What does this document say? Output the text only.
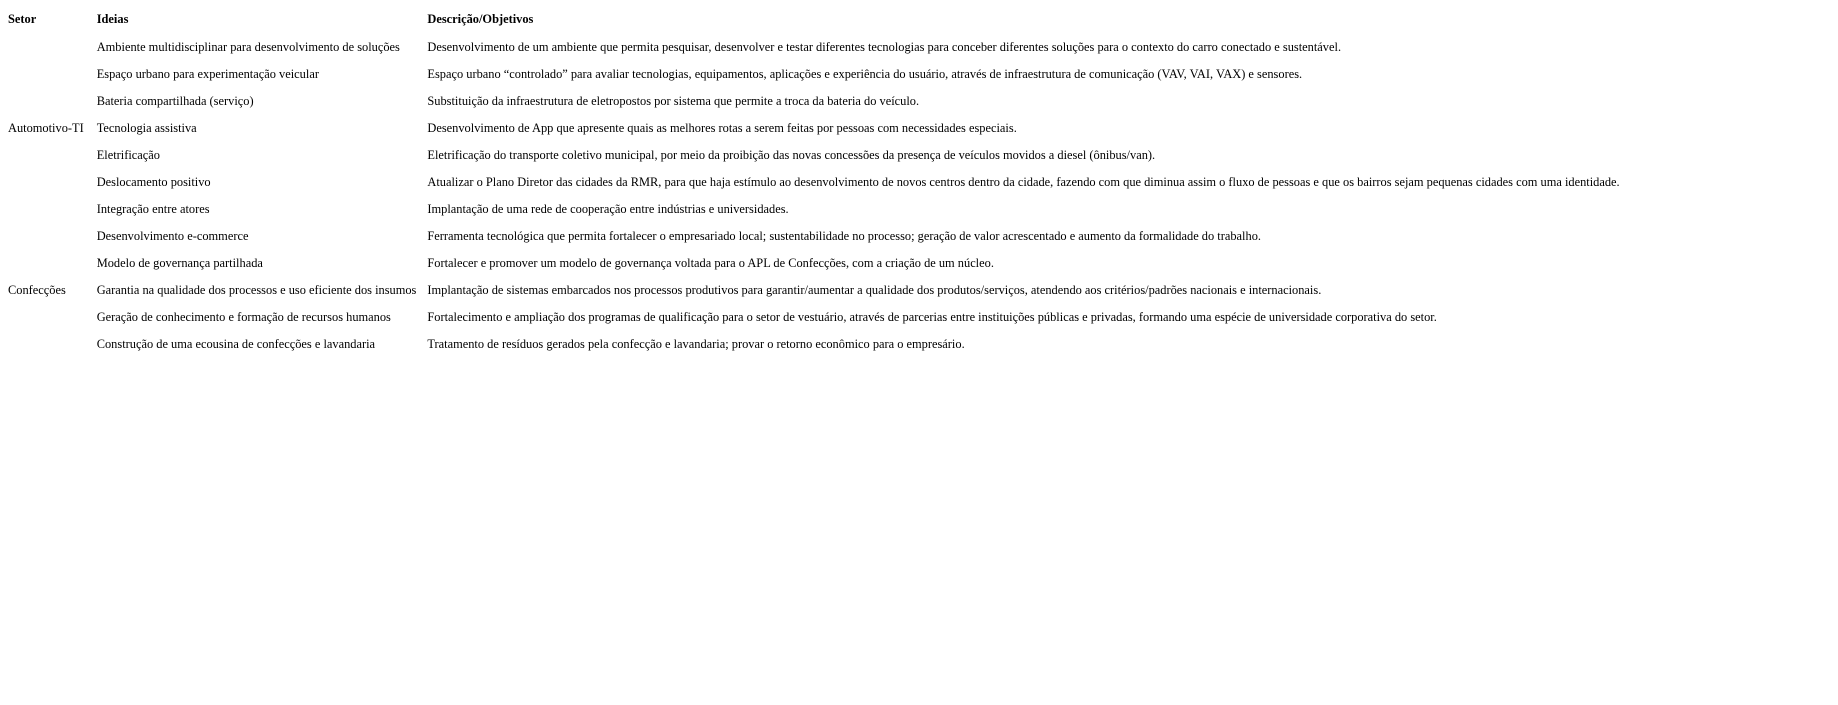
Setor	Ideias	Descrição/Objetivos
	Ambiente multidisciplinar para desenvolvimento de soluções	Desenvolvimento de um ambiente que permita pesquisar, desenvolver e testar diferentes tecnologias para conceber diferentes soluções para o contexto do carro conectado e sustentável.
	Espaço urbano para experimentação veicular	Espaço urbano “controlado” para avaliar tecnologias, equipamentos, aplicações e experiência do usuário, através de infraestrutura de comunicação (VAV, VAI, VAX) e sensores.
	Bateria compartilhada (serviço)	Substituição da infraestrutura de eletropostos por sistema que permite a troca da bateria do veículo.
Automotivo-TI	Tecnologia assistiva	Desenvolvimento de App que apresente quais as melhores rotas a serem feitas por pessoas com necessidades especiais.
	Eletrificação	Eletrificação do transporte coletivo municipal, por meio da proibição das novas concessões da presença de veículos movidos a diesel (ônibus/van).
	Deslocamento positivo	Atualizar o Plano Diretor das cidades da RMR, para que haja estímulo ao desenvolvimento de novos centros dentro da cidade, fazendo com que diminua assim o fluxo de pessoas e que os bairros sejam pequenas cidades com uma identidade.
	Integração entre atores	Implantação de uma rede de cooperação entre indústrias e universidades.
	Desenvolvimento e-commerce	Ferramenta tecnológica que permita fortalecer o empresariado local; sustentabilidade no processo; geração de valor acrescentado e aumento da formalidade do trabalho.
	Modelo de governança partilhada	Fortalecer e promover um modelo de governança voltada para o APL de Confecções, com a criação de um núcleo.
Confecções	Garantia na qualidade dos processos e uso eficiente dos insumos	Implantação de sistemas embarcados nos processos produtivos para garantir/aumentar a qualidade dos produtos/serviços, atendendo aos critérios/padrões nacionais e internacionais.
	Geração de conhecimento e formação de recursos humanos	Fortalecimento e ampliação dos programas de qualificação para o setor de vestuário, através de parcerias entre instituições públicas e privadas, formando uma espécie de universidade corporativa do setor.
	Construção de uma ecousina de confecções e lavandaria	Tratamento de resíduos gerados pela confecção e lavandaria; provar o retorno econômico para o empresário.
